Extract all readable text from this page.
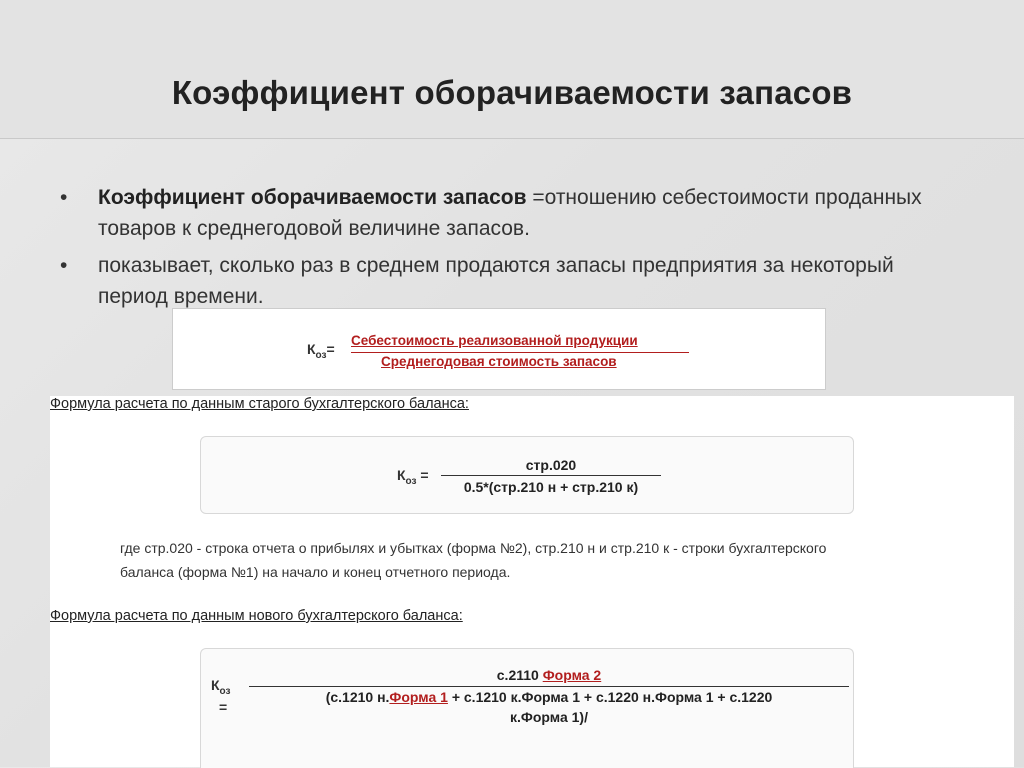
Коэффициент оборачиваемости запасов
• Коэффициент оборачиваемости запасов =отношению себестоимости проданных товаров к среднегодовой величине запасов.
• показывает, сколько раз в среднем продаются запасы предприятия за некоторый период времени.
$К_{оз}=$
Себестоимость реализованной продукции
Среднегодовая стоимость запасов
Формула расчета по данным старого бухгалтерского баланса:
$К_{оз}$ =
стр.020
0.5*(стр.210 н + стр.210 к)
где стр.020 - строка отчета о прибылях и убытках (форма №2), стр.210 н и стр.210 к - строки бухгалтерского
баланса (форма №1) на начало и конец отчетного периода.
Формула расчета по данным нового бухгалтерского баланса:
$К_{оз}$
=
с.2110 Форма 2
(с.1210 н.Форма 1 + с.1210 к.Форма 1 + с.1220 н.Форма 1 + с.1220
к.Форма 1)/
